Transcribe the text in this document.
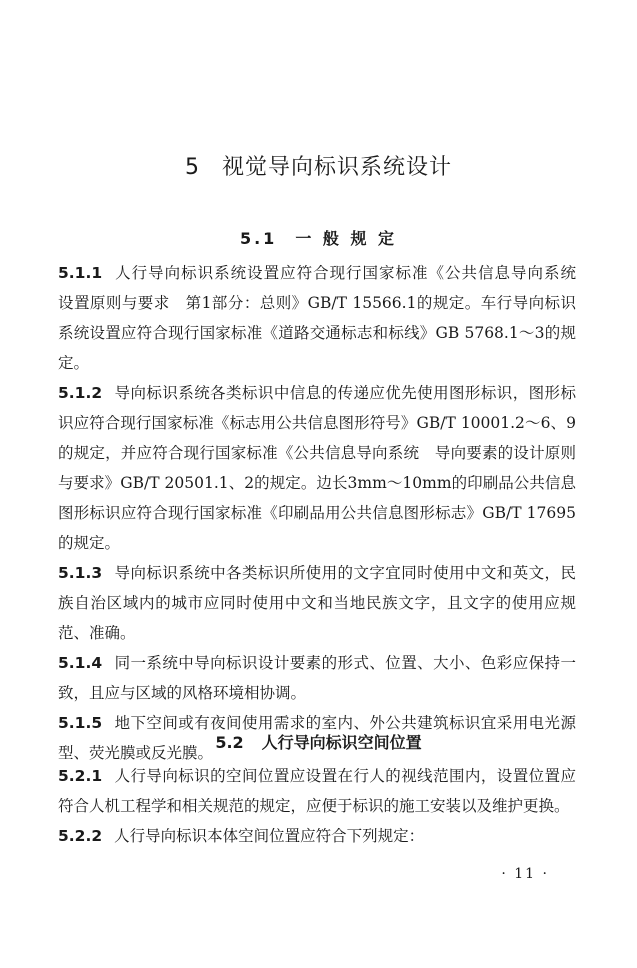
5 视觉导向标识系统设计
5.1 一 般 规 定

5.1.1 人行导向标识系统设置应符合现行国家标准《公共信息导向系统　设置原则与要求　第1部分：总则》GB/T 15566.1的规定。车行导向标识系统设置应符合现行国家标准《道路交通标志和标线》GB 5768.1～3的规定。

5.1.2 导向标识系统各类标识中信息的传递应优先使用图形标识，图形标识应符合现行国家标准《标志用公共信息图形符号》GB/T 10001.2～6、9的规定，并应符合现行国家标准《公共信息导向系统　导向要素的设计原则与要求》GB/T 20501.1、2的规定。边长3mm～10mm的印刷品公共信息图形标识应符合现行国家标准《印刷品用公共信息图形标志》GB/T 17695的规定。

5.1.3 导向标识系统中各类标识所使用的文字宜同时使用中文和英文，民族自治区域内的城市应同时使用中文和当地民族文字，且文字的使用应规范、准确。

5.1.4 同一系统中导向标识设计要素的形式、位置、大小、色彩应保持一致，且应与区域的风格环境相协调。

5.1.5 地下空间或有夜间使用需求的室内、外公共建筑标识宜采用电光源型、荧光膜或反光膜。

5.2 人行导向标识空间位置

5.2.1 人行导向标识的空间位置应设置在行人的视线范围内，设置位置应符合人机工程学和相关规范的规定，应便于标识的施工安装以及维护更换。

5.2.2 人行导向标识本体空间位置应符合下列规定：

· 11 ·
